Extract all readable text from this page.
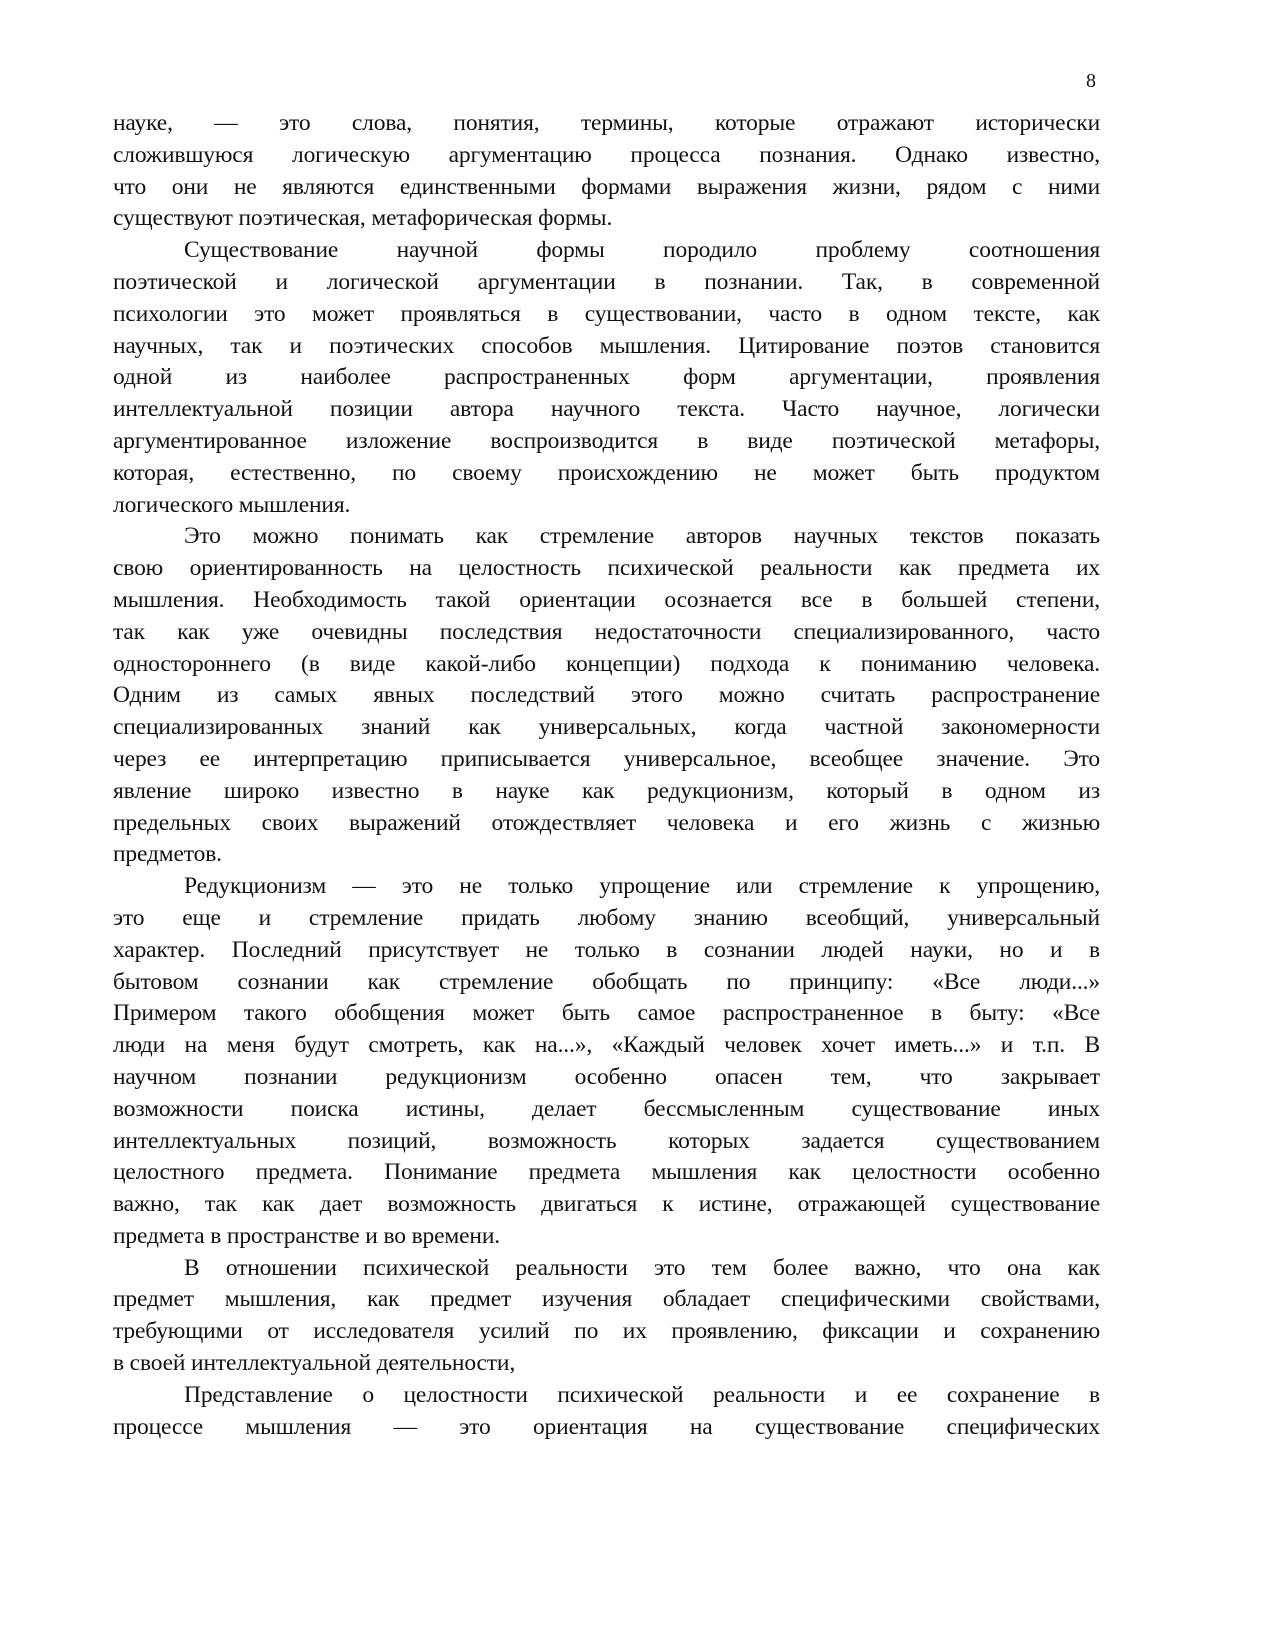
8
науке, — это слова, понятия, термины, которые отражают исторически
сложившуюся логическую аргументацию процесса познания. Однако известно,
что они не являются единственными формами выражения жизни, рядом с ними
существуют поэтическая, метафорическая формы.
Существование научной формы породило проблему соотношения
поэтической и логической аргументации в познании. Так, в современной
психологии это может проявляться в существовании, часто в одном тексте, как
научных, так и поэтических способов мышления. Цитирование поэтов становится
одной из наиболее распространенных форм аргументации, проявления
интеллектуальной позиции автора научного текста. Часто научное, логически
аргументированное изложение воспроизводится в виде поэтической метафоры,
которая, естественно, по своему происхождению не может быть продуктом
логического мышления.
Это можно понимать как стремление авторов научных текстов показать
свою ориентированность на целостность психической реальности как предмета их
мышления. Необходимость такой ориентации осознается все в большей степени,
так как уже очевидны последствия недостаточности специализированного, часто
одностороннего (в виде какой-либо концепции) подхода к пониманию человека.
Одним из самых явных последствий этого можно считать распространение
специализированных знаний как универсальных, когда частной закономерности
через ее интерпретацию приписывается универсальное, всеобщее значение. Это
явление широко известно в науке как редукционизм, который в одном из
предельных своих выражений отождествляет человека и его жизнь с жизнью
предметов.
Редукционизм — это не только упрощение или стремление к упрощению,
это еще и стремление придать любому знанию всеобщий, универсальный
характер. Последний присутствует не только в сознании людей науки, но и в
бытовом сознании как стремление обобщать по принципу: «Все люди...»
Примером такого обобщения может быть самое распространенное в быту: «Все
люди на меня будут смотреть, как на...», «Каждый человек хочет иметь...» и т.п. В
научном познании редукционизм особенно опасен тем, что закрывает
возможности поиска истины, делает бессмысленным существование иных
интеллектуальных позиций, возможность которых задается существованием
целостного предмета. Понимание предмета мышления как целостности особенно
важно, так как дает возможность двигаться к истине, отражающей существование
предмета в пространстве и во времени.
В отношении психической реальности это тем более важно, что она как
предмет мышления, как предмет изучения обладает специфическими свойствами,
требующими от исследователя усилий по их проявлению, фиксации и сохранению
в своей интеллектуальной деятельности,
Представление о целостности психической реальности и ее сохранение в
процессе мышления — это ориентация на существование специфических
